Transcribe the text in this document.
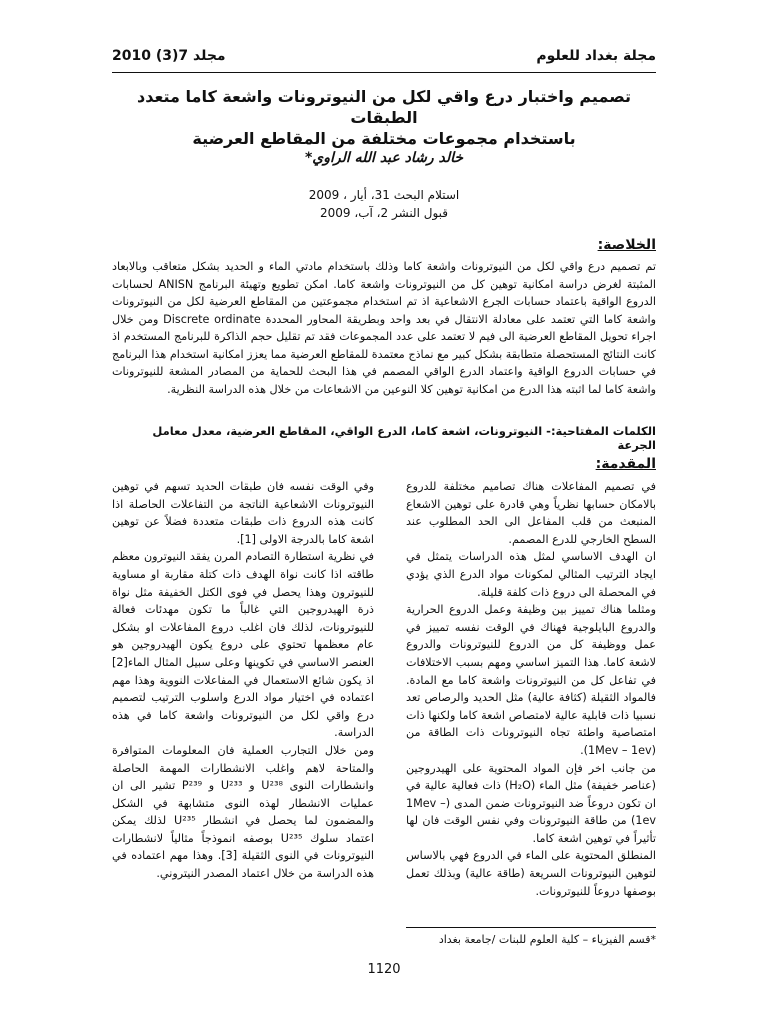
مجلة بغداد للعلوم
مجلد 7(3) 2010
تصميم واختبار درع واقي لكل من النيوترونات واشعة كاما متعدد الطبقات
باستخدام مجموعات مختلفة من المقاطع العرضية
خالد رشاد عبد الله الراوي*
استلام البحث 31، أيار ، 2009
قبول النشر 2، آب، 2009
الخلاصة:
تم تصميم درع واقي لكل من النيوترونات واشعة كاما وذلك باستخدام مادتي الماء و الحديد بشكل متعاقب وبالابعاد المثبتة لغرض دراسة امكانية توهين كل من النيوترونات واشعة كاما. امكن تطويع وتهيئة البرنامج ANISN لحسابات الدروع الواقية باعتماد حسابات الجرع الاشعاعية اذ تم استخدام مجموعتين من المقاطع العرضية لكل من النيوترونات واشعة كاما التي تعتمد على معادلة الانتقال في بعد واحد وبطريقة المحاور المحددة Discrete ordinate ومن خلال اجراء تحويل المقاطع العرضية الى فيم لا تعتمد على عدد المجموعات فقد تم تقليل حجم الذاكرة للبرنامج المستخدم اذ كانت النتائج المستحصلة متطابقة بشكل كبير مع نماذج معتمدة للمقاطع العرضية مما يعزز امكانية استخدام هذا البرنامج في حسابات الدروع الواقية واعتماد الدرع الواقي المصمم في هذا البحث للحماية من المصادر المشعة للنيوترونات واشعة كاما لما اثبته هذا الدرع من امكانية توهين كلا النوعين من الاشعاعات من خلال هذه الدراسة النظرية.
الكلمات المفتاحية:- النيوترونات، اشعة كاما، الدرع الواقي، المقاطع العرضية، معدل معامل الجرعة
المقدمة:

في تصميم المفاعلات هناك تصاميم مختلفة للدروع بالامكان حسابها نظرياً وهي قادرة على توهين الاشعاع المنبعث من قلب المفاعل الى الحد المطلوب عند السطح الخارجي للدرع المصمم.

ان الهدف الاساسي لمثل هذه الدراسات يتمثل في ايجاد الترتيب المثالي لمكونات مواد الدرع الذي يؤدي في المحصلة الى دروع ذات كلفة قليلة.

ومثلما هناك تمييز بين وظيفة وعمل الدروع الحرارية والدروع البايلوجية فهناك في الوقت نفسه تمييز في عمل ووظيفة كل من الدروع للنيوترونات والدروع لاشعة كاما. هذا التميز اساسي ومهم بسبب الاختلافات في تفاعل كل من النيوترونات واشعة كاما مع المادة. فالمواد الثقيلة (كثافة عالية) مثل الحديد والرصاص تعد نسبيا ذات قابلية عالية لامتصاص اشعة كاما ولكنها ذات امتصاصية واطئة تجاه النيوترونات ذات الطاقة من (1Mev – 1ev).

من جانب اخر فإن المواد المحتوية على الهيدروجين (عناصر خفيفة) مثل الماء (H₂O) ذات فعالية عالية في ان تكون دروعاً ضد النيوترونات ضمن المدى (1Mev – 1ev) من طاقة النيوترونات وفي نفس الوقت فان لها تأثيراً في توهين اشعة كاما.

المنطلق المحتوية على الماء في الدروع فهي بالاساس لتوهين النيوترونات السريعة (طاقة عالية) وبذلك تعمل بوصفها دروعاً للنيوترونات.

وفي الوقت نفسه فان طبقات الحديد تسهم في توهين النيوترونات الاشعاعية الناتجة من التفاعلات الحاصلة اذا كانت هذه الدروع ذات طبقات متعددة فضلاً عن توهين اشعة كاما بالدرجة الاولى [1].

في نظرية استطارة التصادم المرن يفقد النيوترون معظم طاقته اذا كانت نواة الهدف ذات كتلة مقاربة او مساوية للنيوترون وهذا يحصل في فوى الكتل الخفيفة مثل نواة ذرة الهيدروجين التي غالباً ما تكون مهدئات فعالة للنيوترونات، لذلك فان اغلب دروع المفاعلات او بشكل عام معظمها تحتوي على دروع يكون الهيدروجين هو العنصر الاساسي في تكوينها وعلى سبيل المثال الماء[2] اذ يكون شائع الاستعمال في المفاعلات النووية وهذا مهم اعتماده في اختيار مواد الدرع واسلوب الترتيب لتصميم درع واقي لكل من النيوترونات واشعة كاما في هذه الدراسة.

ومن خلال التجارب العملية فان المعلومات المتوافرة والمتاحة لاهم واغلب الانشطارات المهمة الحاصلة وانشطارات النوى U²³⁸ و U²³³ و P²³⁹ تشير الى ان عمليات الانشطار لهذه النوى متشابهة في الشكل والمضمون لما يحصل في انشطار U²³⁵ لذلك يمكن اعتماد سلوك U²³⁵ بوصفه انموذجاً مثالياً لانشطارات النيوترونات في النوى الثقيلة [3]. وهذا مهم اعتماده في هذه الدراسة من خلال اعتماد المصدر النيتروني.

*قسم الفيزياء – كلية العلوم للبنات /جامعة بغداد
1120
